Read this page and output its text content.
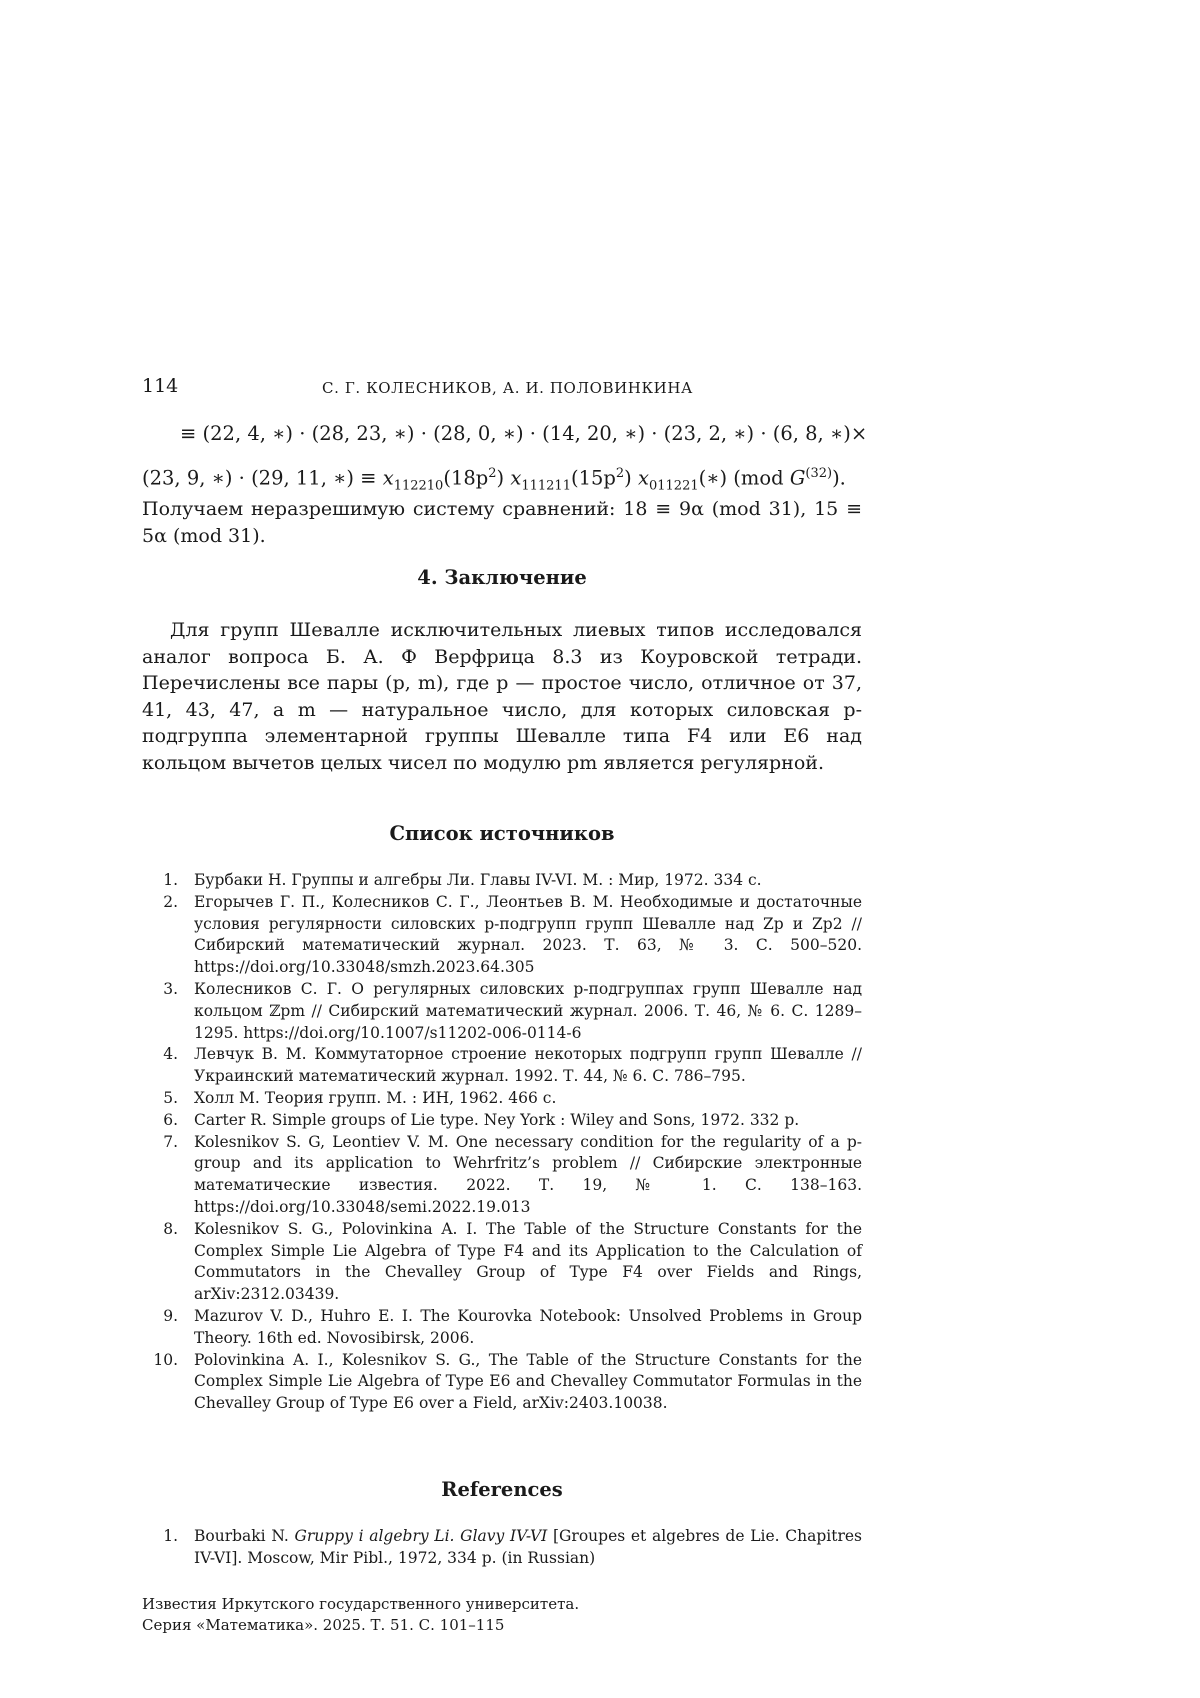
114	С. Г. КОЛЕСНИКОВ, А. И. ПОЛОВИНКИНА
≡ (22, 4, ∗) · (28, 23, ∗) · (28, 0, ∗) · (14, 20, ∗) · (23, 2, ∗) · (6, 8, ∗)×
(23, 9, ∗) · (29, 11, ∗) ≡ $x_{112210}(18p^2)$ $x_{111211}(15p^2)$ $x_{011221}(∗)$ (mod $G^{(32)}$).

Получаем неразрешимую систему сравнений: 18 ≡ 9α (mod 31), 15 ≡ 5α (mod 31).

4. Заключение

Для групп Шевалле исключительных лиевых типов исследовался аналог вопроса Б. А. Ф Верфрица 8.3 из Коуровской тетради. Перечислены все пары (p, m), где p — простое число, отличное от 37, 41, 43, 47, а m — натуральное число, для которых силовская p-подгруппа элементарной группы Шевалле типа F4 или E6 над кольцом вычетов целых чисел по модулю pm является регулярной.

Список источников
1. Бурбаки Н. Группы и алгебры Ли. Главы IV-VI. М. : Мир, 1972. 334 с.
2. Егорычев Г. П., Колесников С. Г., Леонтьев В. М. Необходимые и достаточные условия регулярности силовских p-подгрупп групп Шевалле над Zp и Zp2 // Сибирский математический журнал. 2023. Т. 63, № 3. С. 500–520. https://doi.org/10.33048/smzh.2023.64.305
3. Колесников С. Г. О регулярных силовских p-подгруппах групп Шевалле над кольцом ℤpm // Сибирский математический журнал. 2006. Т. 46, № 6. С. 1289–1295. https://doi.org/10.1007/s11202-006-0114-6
4. Левчук В. М. Коммутаторное строение некоторых подгрупп групп Шевалле // Украинский математический журнал. 1992. Т. 44, № 6. С. 786–795.
5. Холл М. Теория групп. М. : ИН, 1962. 466 с.
6. Carter R. Simple groups of Lie type. Ney York : Wiley and Sons, 1972. 332 p.
7. Kolesnikov S. G, Leontiev V. M. One necessary condition for the regularity of a p-group and its application to Wehrfritz’s problem // Сибирские электронные математические известия. 2022. Т. 19, № 1. С. 138–163. https://doi.org/10.33048/semi.2022.19.013
8. Kolesnikov S. G., Polovinkina A. I. The Table of the Structure Constants for the Complex Simple Lie Algebra of Type F4 and its Application to the Calculation of Commutators in the Chevalley Group of Type F4 over Fields and Rings, arXiv:2312.03439.
9. Mazurov V. D., Huhro E. I. The Kourovka Notebook: Unsolved Problems in Group Theory. 16th ed. Novosibirsk, 2006.
10. Polovinkina A. I., Kolesnikov S. G., The Table of the Structure Constants for the Complex Simple Lie Algebra of Type E6 and Chevalley Commutator Formulas in the Chevalley Group of Type E6 over a Field, arXiv:2403.10038.
References
1. Bourbaki N. Gruppy i algebry Li. Glavy IV-VI [Groupes et algebres de Lie. Chapitres IV-VI]. Moscow, Mir Pibl., 1972, 334 p. (in Russian)
Известия Иркутского государственного университета.
Серия «Математика». 2025. Т. 51. С. 101–115
